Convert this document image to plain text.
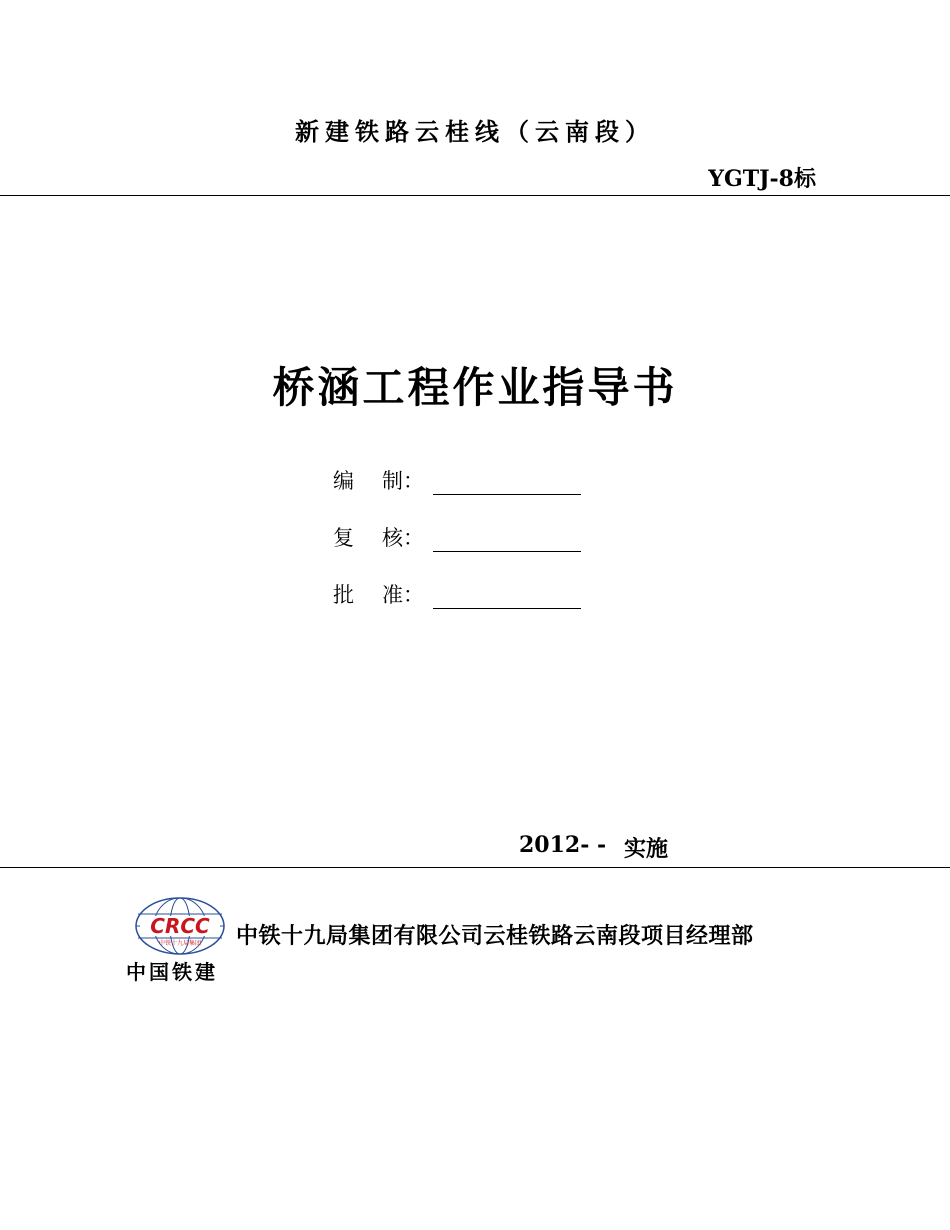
新建铁路云桂线（云南段）
YGTJ-8标
桥涵工程作业指导书
编 制：
复 核：
批 准：
2012- - 实施
CRCC
中铁十九局集团
中国铁建
中铁十九局集团有限公司云桂铁路云南段项目经理部
